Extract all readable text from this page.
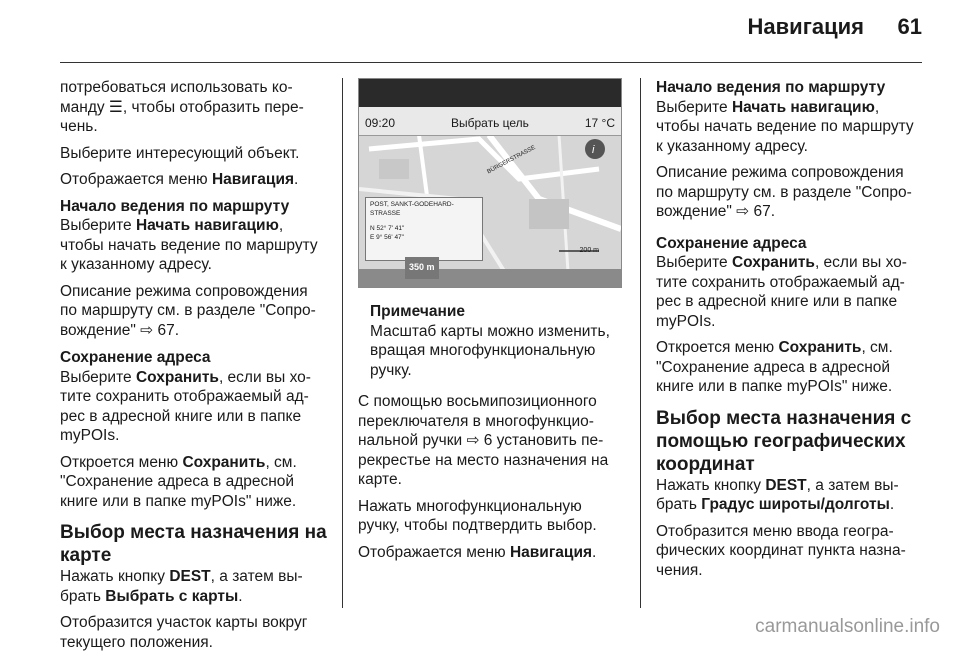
Навигация 61

потребоваться использовать ко-
манду ☰, чтобы отобразить пере-
чень.

Выберите интересующий объект.

Отображается меню Навигация.

Начало ведения по маршруту

Выберите Начать навигацию,
чтобы начать ведение по маршруту
к указанному адресу.

Описание режима сопровождения
по маршруту см. в разделе "Сопро-
вождение" ⇨ 67.

Сохранение адреса

Выберите Сохранить, если вы хо-
тите сохранить отображаемый ад-
рес в адресной книге или в папке
myPOIs.

Откроется меню Сохранить, см.
"Сохранение адреса в адресной
книге или в папке myPOIs" ниже.

Выбор места назначения на
карте

Нажать кнопку DEST, а затем вы-
брать Выбрать с карты.

Отобразится участок карты вокруг
текущего положения.

i
09:20	Выбрать цель	17 °C
POST, SANKT-GODEHARD-STRASSE
N 52° 7' 41"
E 9° 56' 47"
200 m
350 m
BÜRGERSTRASSE
Примечание
Масштаб карты можно изменить,
вращая многофункциональную
ручку.

С помощью восьмипозиционного
переключателя в многофункцио-
нальной ручки ⇨ 6 установить пе-
рекрестье на место назначения на
карте.

Нажать многофункциональную
ручку, чтобы подтвердить выбор.

Отображается меню Навигация.

Начало ведения по маршруту

Выберите Начать навигацию,
чтобы начать ведение по маршруту
к указанному адресу.

Описание режима сопровождения
по маршруту см. в разделе "Сопро-
вождение" ⇨ 67.

Сохранение адреса

Выберите Сохранить, если вы хо-
тите сохранить отображаемый ад-
рес в адресной книге или в папке
myPOIs.

Откроется меню Сохранить, см.
"Сохранение адреса в адресной
книге или в папке myPOIs" ниже.

Выбор места назначения с
помощью географических
координат

Нажать кнопку DEST, а затем вы-
брать Градус широты/долготы.

Отобразится меню ввода геогра-
фических координат пункта назна-
чения.

carmanualsonline.info
